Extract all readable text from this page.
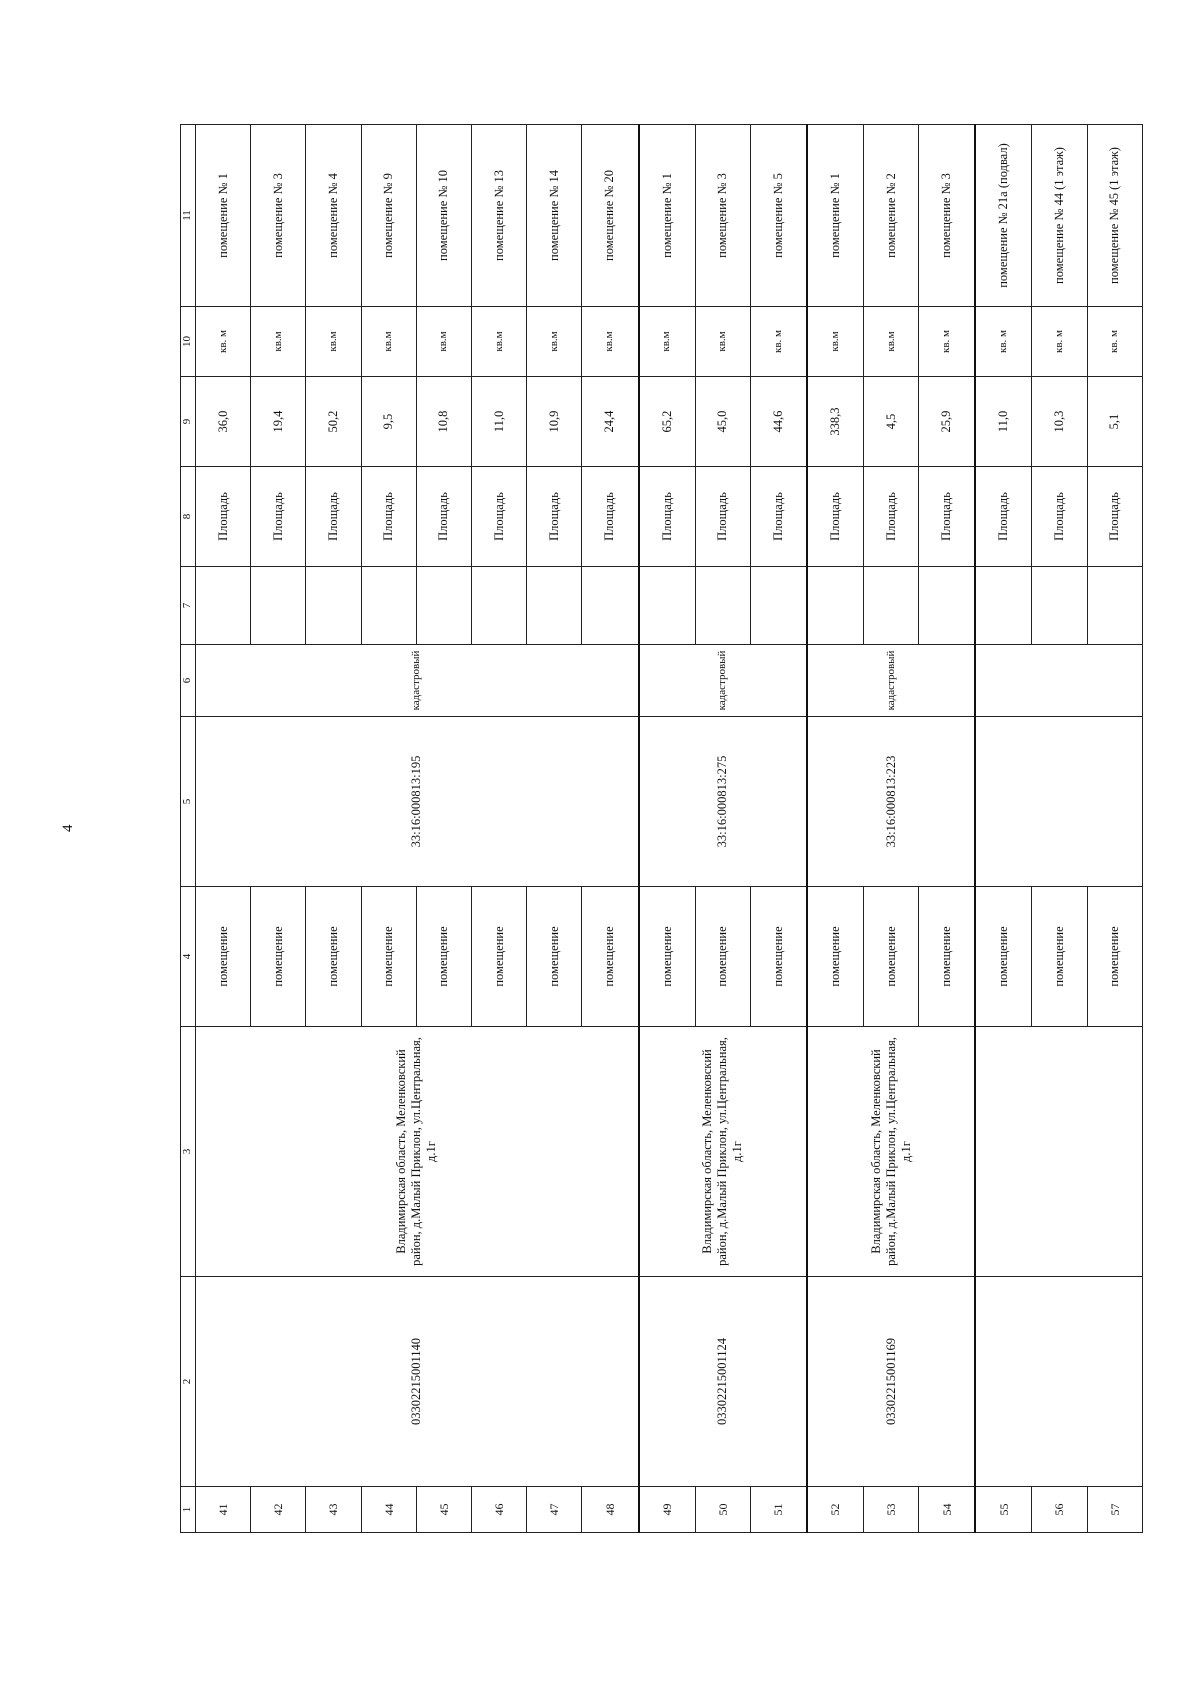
4
1	2	3	4	5	6	7	8	9	10	11
41	03302215001140	Владимирская область, Меленковский район, д.Малый Приклон, ул.Центральная, д.1г	помещение	33:16:000813:195	кадастровый		Площадь	36,0	кв. м	помещение № 1
42			помещение				Площадь	19,4	кв.м	помещение № 3
43			помещение				Площадь	50,2	кв.м	помещение № 4
44			помещение				Площадь	9,5	кв.м	помещение № 9
45			помещение				Площадь	10,8	кв.м	помещение № 10
46			помещение				Площадь	11,0	кв.м	помещение № 13
47			помещение				Площадь	10,9	кв.м	помещение № 14
48			помещение				Площадь	24,4	кв.м	помещение № 20
49	03302215001124	Владимирская область, Меленковский район, д.Малый Приклон, ул.Центральная, д.1г	помещение	33:16:000813:275	кадастровый		Площадь	65,2	кв.м	помещение № 1
50			помещение				Площадь	45,0	кв.м	помещение № 3
51			помещение				Площадь	44,6	кв. м	помещение № 5
52	03302215001169	Владимирская область, Меленковский район, д.Малый Приклон, ул.Центральная, д.1г	помещение	33:16:000813:223	кадастровый		Площадь	338,3	кв.м	помещение № 1
53			помещение				Площадь	4,5	кв.м	помещение № 2
54			помещение				Площадь	25,9	кв. м	помещение № 3
55			помещение				Площадь	11,0	кв. м	помещение № 21а (подвал)
56			помещение				Площадь	10,3	кв. м	помещение № 44 (1 этаж)
57			помещение				Площадь	5,1	кв. м	помещение № 45 (1 этаж)
